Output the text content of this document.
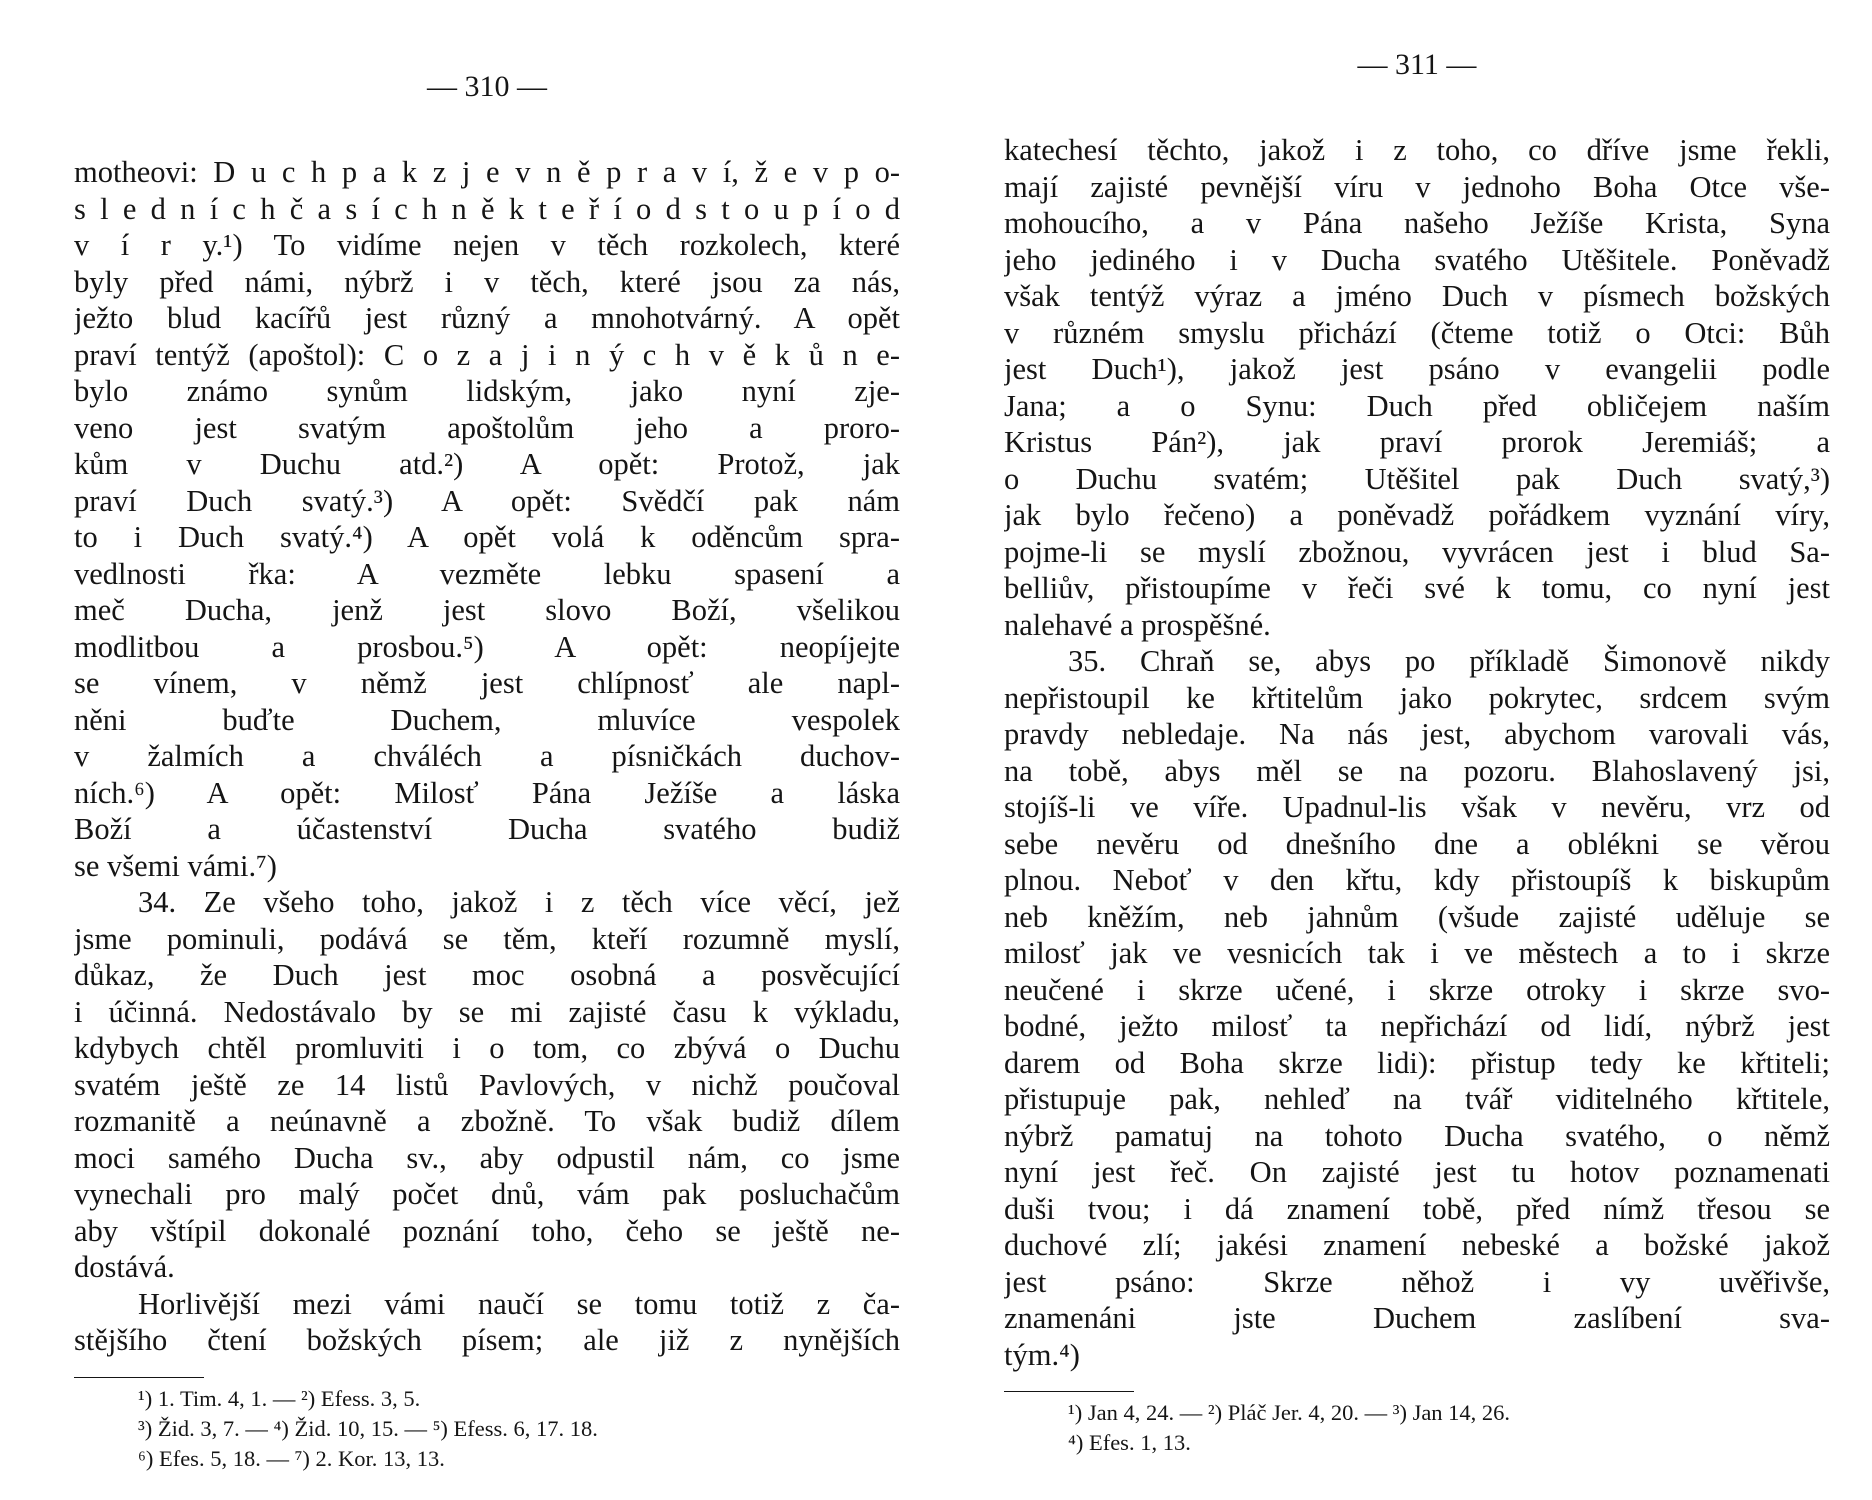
— 310 —
motheovi: D u c h p a k z j e v n ě p r a v í, ž e v p o-
s l e d n í c h č a s í c h n ě k t e ř í o d s t o u p í o d
v í r y.¹) To vidíme nejen v těch rozkolech, které
byly před námi, nýbrž i v těch, které jsou za nás,
ježto blud kacířů jest různý a mnohotvárný. A opět
praví tentýž (apoštol): C o z a j i n ý c h v ě k ů n e-
bylo známo synům lidským, jako nyní zje-
veno jest svatým apoštolům jeho a proro-
kům v Duchu atd.²) A opět: Protož, jak
praví Duch svatý.³) A opět: Svědčí pak nám
to i Duch svatý.⁴) A opět volá k oděncům spra-
vedlnosti řka: A vezměte lebku spasení a
meč Ducha, jenž jest slovo Boží, všelikou
modlitbou a prosbou.⁵) A opět: neopíjejte
se vínem, v němž jest chlípnosť ale napl-
něni buďte Duchem, mluvíce vespolek
v žalmích a chváléch a písničkách duchov-
ních.⁶) A opět: Milosť Pána Ježíše a láska
Boží a účastenství Ducha svatého budiž
se všemi vámi.⁷)
34. Ze všeho toho, jakož i z těch více věcí, jež
jsme pominuli, podává se těm, kteří rozumně myslí,
důkaz, že Duch jest moc osobná a posvěcující
i účinná. Nedostávalo by se mi zajisté času k výkladu,
kdybych chtěl promluviti i o tom, co zbývá o Duchu
svatém ještě ze 14 listů Pavlových, v nichž poučoval
rozmanitě a neúnavně a zbožně. To však budiž dílem
moci samého Ducha sv., aby odpustil nám, co jsme
vynechali pro malý počet dnů, vám pak posluchačům
aby vštípil dokonalé poznání toho, čeho se ještě ne-
dostává.
Horlivější mezi vámi naučí se tomu totiž z ča-
stějšího čtení božských písem; ale již z nynějších
¹) 1. Tim. 4, 1. — ²) Efess. 3, 5.
³) Žid. 3, 7. — ⁴) Žid. 10, 15. — ⁵) Efess. 6, 17. 18.
⁶) Efes. 5, 18. — ⁷) 2. Kor. 13, 13.
— 311 —
katechesí těchto, jakož i z toho, co dříve jsme řekli,
mají zajisté pevnější víru v jednoho Boha Otce vše-
mohoucího, a v Pána našeho Ježíše Krista, Syna
jeho jediného i v Ducha svatého Utěšitele. Poněvadž
však tentýž výraz a jméno Duch v písmech božských
v různém smyslu přichází (čteme totiž o Otci: Bůh
jest Duch¹), jakož jest psáno v evangelii podle
Jana; a o Synu: Duch před obličejem naším
Kristus Pán²), jak praví prorok Jeremiáš; a
o Duchu svatém; Utěšitel pak Duch svatý,³)
jak bylo řečeno) a poněvadž pořádkem vyznání víry,
pojme-li se myslí zbožnou, vyvrácen jest i blud Sa-
belliův, přistoupíme v řeči své k tomu, co nyní jest
nalehavé a prospěšné.
35. Chraň se, abys po příkladě Šimonově nikdy
nepřistoupil ke křtitelům jako pokrytec, srdcem svým
pravdy nebledaje. Na nás jest, abychom varovali vás,
na tobě, abys měl se na pozoru. Blahoslavený jsi,
stojíš-li ve víře. Upadnul-lis však v nevěru, vrz od
sebe nevěru od dnešního dne a oblékni se věrou
plnou. Neboť v den křtu, kdy přistoupíš k biskupům
neb kněžím, neb jahnům (všude zajisté uděluje se
milosť jak ve vesnicích tak i ve městech a to i skrze
neučené i skrze učené, i skrze otroky i skrze svo-
bodné, ježto milosť ta nepřichází od lidí, nýbrž jest
darem od Boha skrze lidi): přistup tedy ke křtiteli;
přistupuje pak, nehleď na tvář viditelného křtitele,
nýbrž pamatuj na tohoto Ducha svatého, o němž
nyní jest řeč. On zajisté jest tu hotov poznamenati
duši tvou; i dá znamení tobě, před nímž třesou se
duchové zlí; jakési znamení nebeské a božské jakož
jest psáno: Skrze něhož i vy uvěřivše,
znamenáni jste Duchem zaslíbení sva-
tým.⁴)
¹) Jan 4, 24. — ²) Pláč Jer. 4, 20. — ³) Jan 14, 26.
⁴) Efes. 1, 13.
